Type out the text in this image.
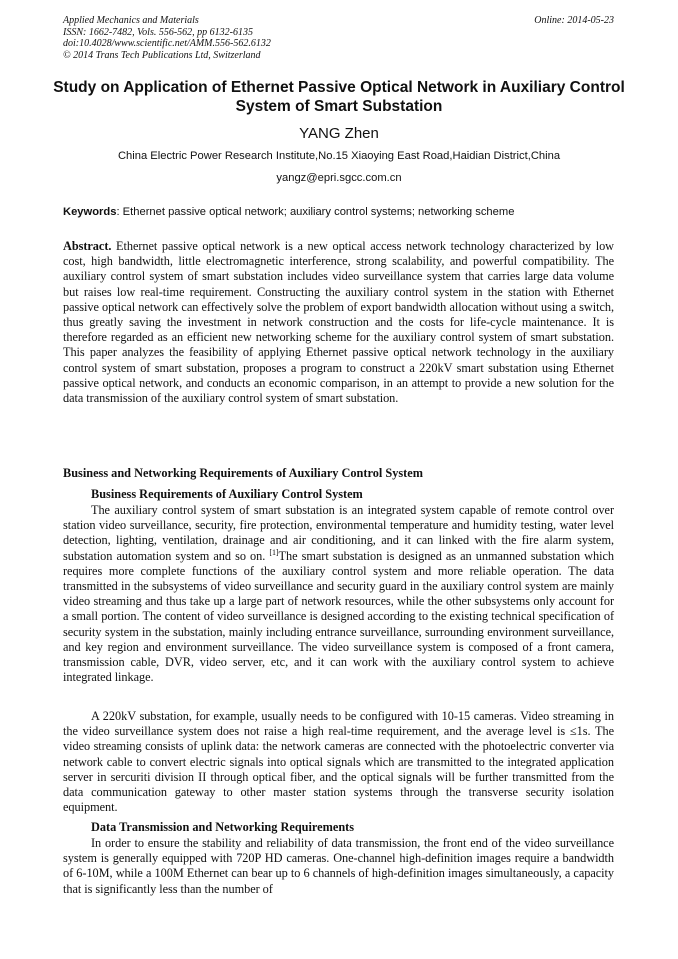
Applied Mechanics and Materials
ISSN: 1662-7482, Vols. 556-562, pp 6132-6135
doi:10.4028/www.scientific.net/AMM.556-562.6132
© 2014 Trans Tech Publications Ltd, Switzerland
Online: 2014-05-23
Study on Application of Ethernet Passive Optical Network in Auxiliary Control System of Smart Substation
YANG Zhen
China Electric Power Research Institute,No.15 Xiaoying East Road,Haidian District,China
yangz@epri.sgcc.com.cn
Keywords: Ethernet passive optical network; auxiliary control systems; networking scheme
Abstract. Ethernet passive optical network is a new optical access network technology characterized by low cost, high bandwidth, little electromagnetic interference, strong scalability, and powerful compatibility. The auxiliary control system of smart substation includes video surveillance system that carries large data volume but raises low real-time requirement. Constructing the auxiliary control system in the station with Ethernet passive optical network can effectively solve the problem of export bandwidth allocation without using a switch, thus greatly saving the investment in network construction and the costs for life-cycle maintenance. It is therefore regarded as an efficient new networking scheme for the auxiliary control system of smart substation. This paper analyzes the feasibility of applying Ethernet passive optical network technology in the auxiliary control system of smart substation, proposes a program to construct a 220kV smart substation using Ethernet passive optical network, and conducts an economic comparison, in an attempt to provide a new solution for the data transmission of the auxiliary control system of smart substation.
Business and Networking Requirements of Auxiliary Control System
Business Requirements of Auxiliary Control System
The auxiliary control system of smart substation is an integrated system capable of remote control over station video surveillance, security, fire protection, environmental temperature and humidity testing, water level detection, lighting, ventilation, drainage and air conditioning, and it can linked with the fire alarm system, substation automation system and so on. [1]The smart substation is designed as an unmanned substation which requires more complete functions of the auxiliary control system and more reliable operation. The data transmitted in the subsystems of video surveillance and security guard in the auxiliary control system are mainly video streaming and thus take up a large part of network resources, while the other subsystems only account for a small portion. The content of video surveillance is designed according to the existing technical specification of security system in the substation, mainly including entrance surveillance, surrounding environment surveillance, and key region and environment surveillance. The video surveillance system is composed of a front camera, transmission cable, DVR, video server, etc, and it can work with the auxiliary control system to achieve integrated linkage.
A 220kV substation, for example, usually needs to be configured with 10-15 cameras. Video streaming in the video surveillance system does not raise a high real-time requirement, and the average level is ≤1s. The video streaming consists of uplink data: the network cameras are connected with the photoelectric converter via network cable to convert electric signals into optical signals which are transmitted to the integrated application server in sercuriti division II through optical fiber, and the optical signals will be further transmitted from the data communication gateway to other master station systems through the transverse security isolation equipment.
Data Transmission and Networking Requirements
In order to ensure the stability and reliability of data transmission, the front end of the video surveillance system is generally equipped with 720P HD cameras. One-channel high-definition images require a bandwidth of 6-10M, while a 100M Ethernet can bear up to 6 channels of high-definition images simultaneously, a capacity that is significantly less than the number of
